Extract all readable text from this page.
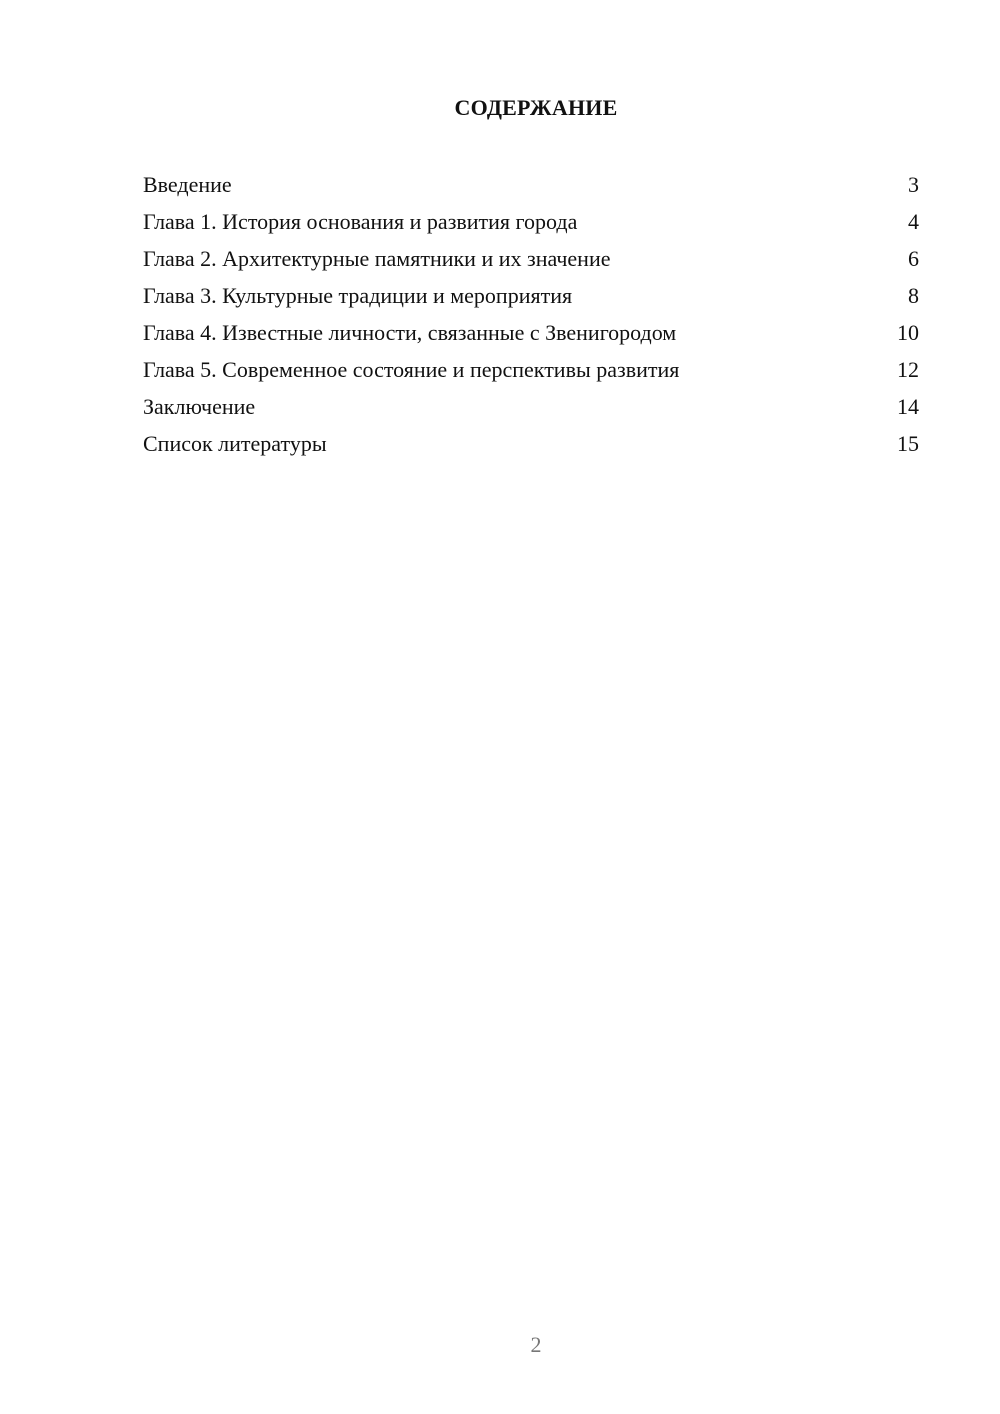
СОДЕРЖАНИЕ
Введение	3
Глава 1. История основания и развития города	4
Глава 2. Архитектурные памятники и их значение	6
Глава 3. Культурные традиции и мероприятия	8
Глава 4. Известные личности, связанные с Звенигородом	10
Глава 5. Современное состояние и перспективы развития	12
Заключение	14
Список литературы	15
2
